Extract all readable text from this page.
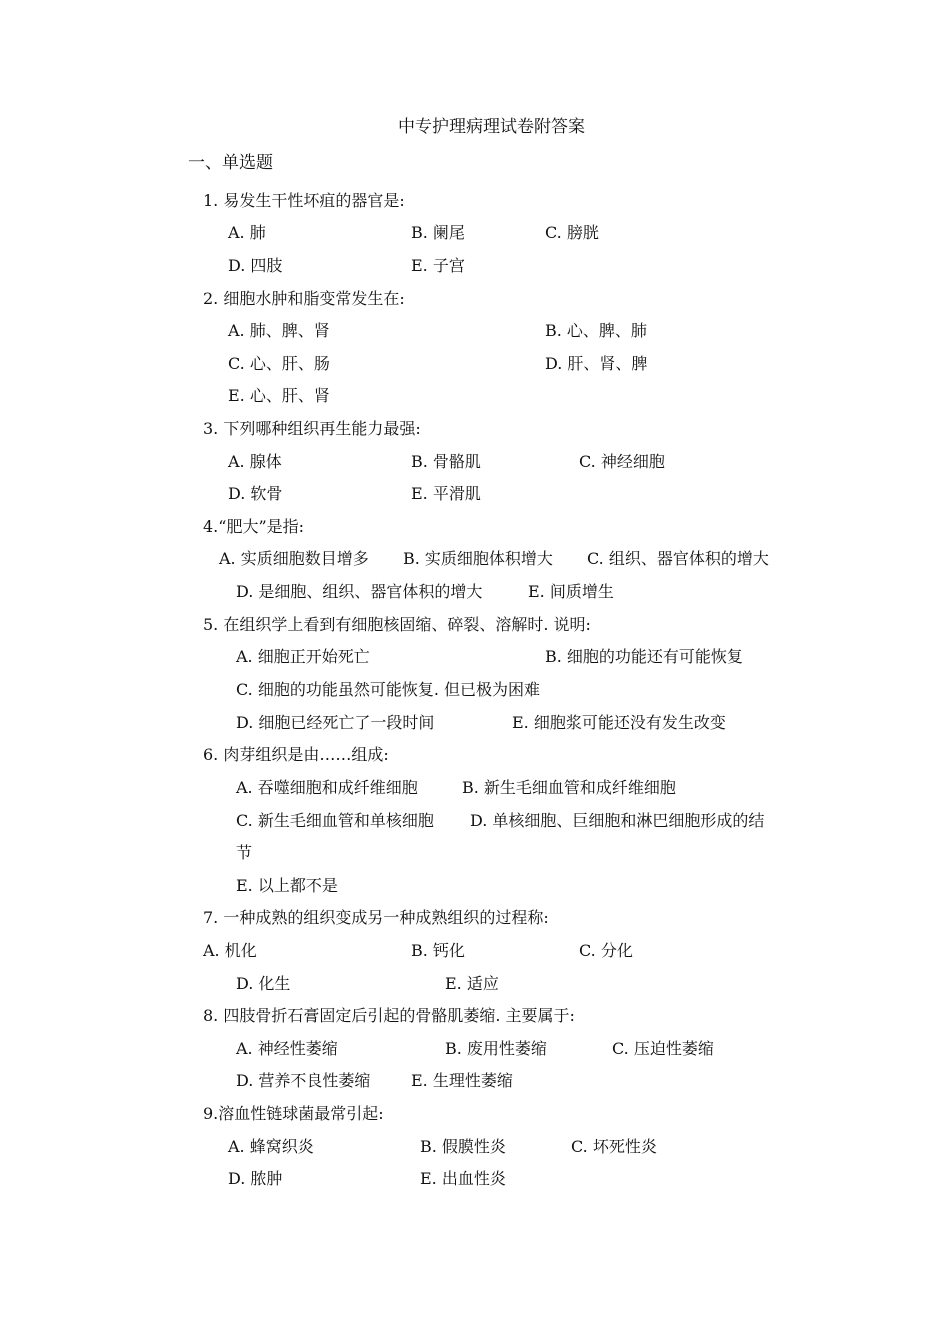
中专护理病理试卷附答案
一、单选题
1. 易发生干性坏疽的器官是:
A. 肺	B. 阑尾	C. 膀胱
D. 四肢	E. 子宫
2. 细胞水肿和脂变常发生在:
A. 肺、脾、肾	B. 心、脾、肺
C. 心、肝、肠	D. 肝、肾、脾
E. 心、肝、肾
3. 下列哪种组织再生能力最强:
A. 腺体	B. 骨骼肌	C. 神经细胞
D. 软骨	E. 平滑肌
4.“肥大”是指:
A. 实质细胞数目增多 B. 实质细胞体积增大 C. 组织、器官体积的增大
D. 是细胞、组织、器官体积的增大	E. 间质增生
5. 在组织学上看到有细胞核固缩、碎裂、溶解时. 说明:
A. 细胞正开始死亡	B. 细胞的功能还有可能恢复
C. 细胞的功能虽然可能恢复. 但已极为困难
D. 细胞已经死亡了一段时间	E. 细胞浆可能还没有发生改变
6. 肉芽组织是由……组成:
A. 吞噬细胞和成纤维细胞	B. 新生毛细血管和成纤维细胞
C. 新生毛细血管和单核细胞 D. 单核细胞、巨细胞和淋巴细胞形成的结
节
E. 以上都不是
7. 一种成熟的组织变成另一种成熟组织的过程称:
A. 机化	B. 钙化	C. 分化
D. 化生	E. 适应
8. 四肢骨折石膏固定后引起的骨骼肌萎缩. 主要属于:
A. 神经性萎缩	B. 废用性萎缩	C. 压迫性萎缩
D. 营养不良性萎缩	E. 生理性萎缩
9.溶血性链球菌最常引起:
A. 蜂窝织炎	B. 假膜性炎	C. 坏死性炎
D. 脓肿	E. 出血性炎
